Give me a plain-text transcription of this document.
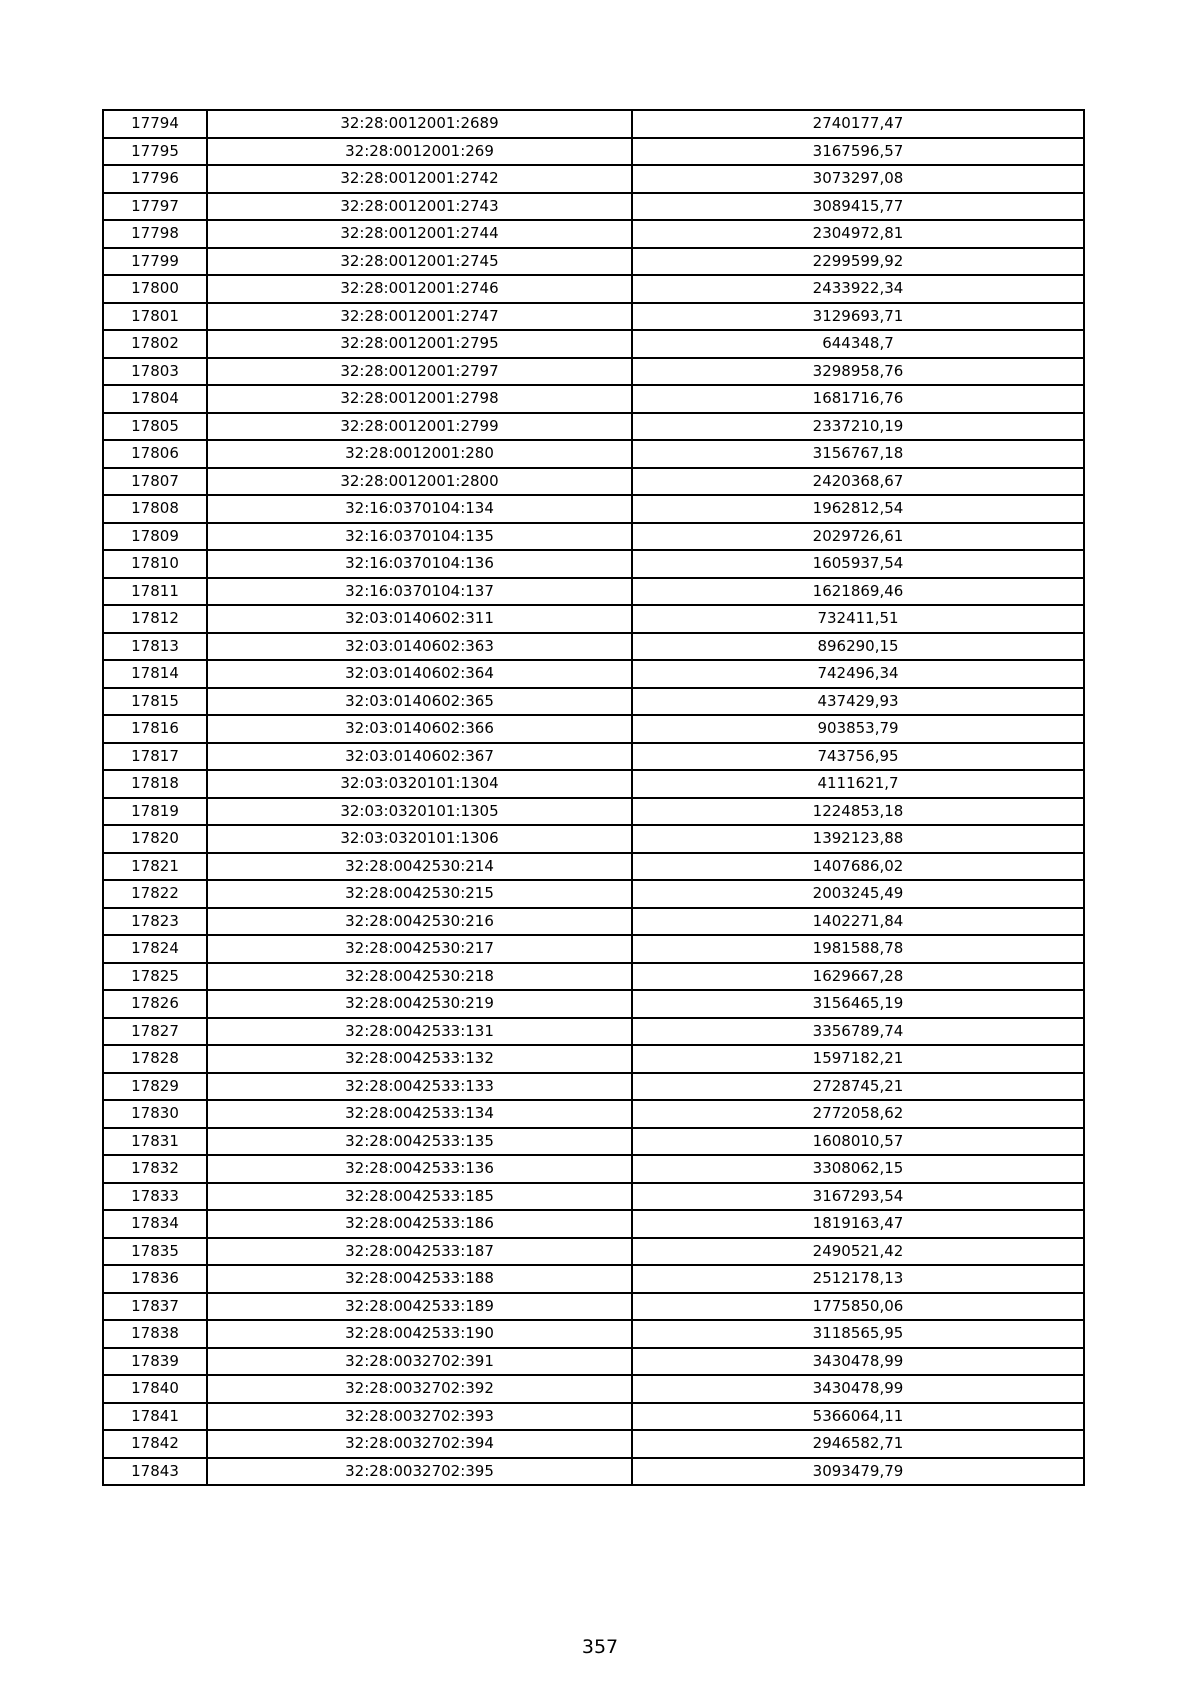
17794	32:28:0012001:2689	2740177,47
17795	32:28:0012001:269	3167596,57
17796	32:28:0012001:2742	3073297,08
17797	32:28:0012001:2743	3089415,77
17798	32:28:0012001:2744	2304972,81
17799	32:28:0012001:2745	2299599,92
17800	32:28:0012001:2746	2433922,34
17801	32:28:0012001:2747	3129693,71
17802	32:28:0012001:2795	644348,7
17803	32:28:0012001:2797	3298958,76
17804	32:28:0012001:2798	1681716,76
17805	32:28:0012001:2799	2337210,19
17806	32:28:0012001:280	3156767,18
17807	32:28:0012001:2800	2420368,67
17808	32:16:0370104:134	1962812,54
17809	32:16:0370104:135	2029726,61
17810	32:16:0370104:136	1605937,54
17811	32:16:0370104:137	1621869,46
17812	32:03:0140602:311	732411,51
17813	32:03:0140602:363	896290,15
17814	32:03:0140602:364	742496,34
17815	32:03:0140602:365	437429,93
17816	32:03:0140602:366	903853,79
17817	32:03:0140602:367	743756,95
17818	32:03:0320101:1304	4111621,7
17819	32:03:0320101:1305	1224853,18
17820	32:03:0320101:1306	1392123,88
17821	32:28:0042530:214	1407686,02
17822	32:28:0042530:215	2003245,49
17823	32:28:0042530:216	1402271,84
17824	32:28:0042530:217	1981588,78
17825	32:28:0042530:218	1629667,28
17826	32:28:0042530:219	3156465,19
17827	32:28:0042533:131	3356789,74
17828	32:28:0042533:132	1597182,21
17829	32:28:0042533:133	2728745,21
17830	32:28:0042533:134	2772058,62
17831	32:28:0042533:135	1608010,57
17832	32:28:0042533:136	3308062,15
17833	32:28:0042533:185	3167293,54
17834	32:28:0042533:186	1819163,47
17835	32:28:0042533:187	2490521,42
17836	32:28:0042533:188	2512178,13
17837	32:28:0042533:189	1775850,06
17838	32:28:0042533:190	3118565,95
17839	32:28:0032702:391	3430478,99
17840	32:28:0032702:392	3430478,99
17841	32:28:0032702:393	5366064,11
17842	32:28:0032702:394	2946582,71
17843	32:28:0032702:395	3093479,79
357
